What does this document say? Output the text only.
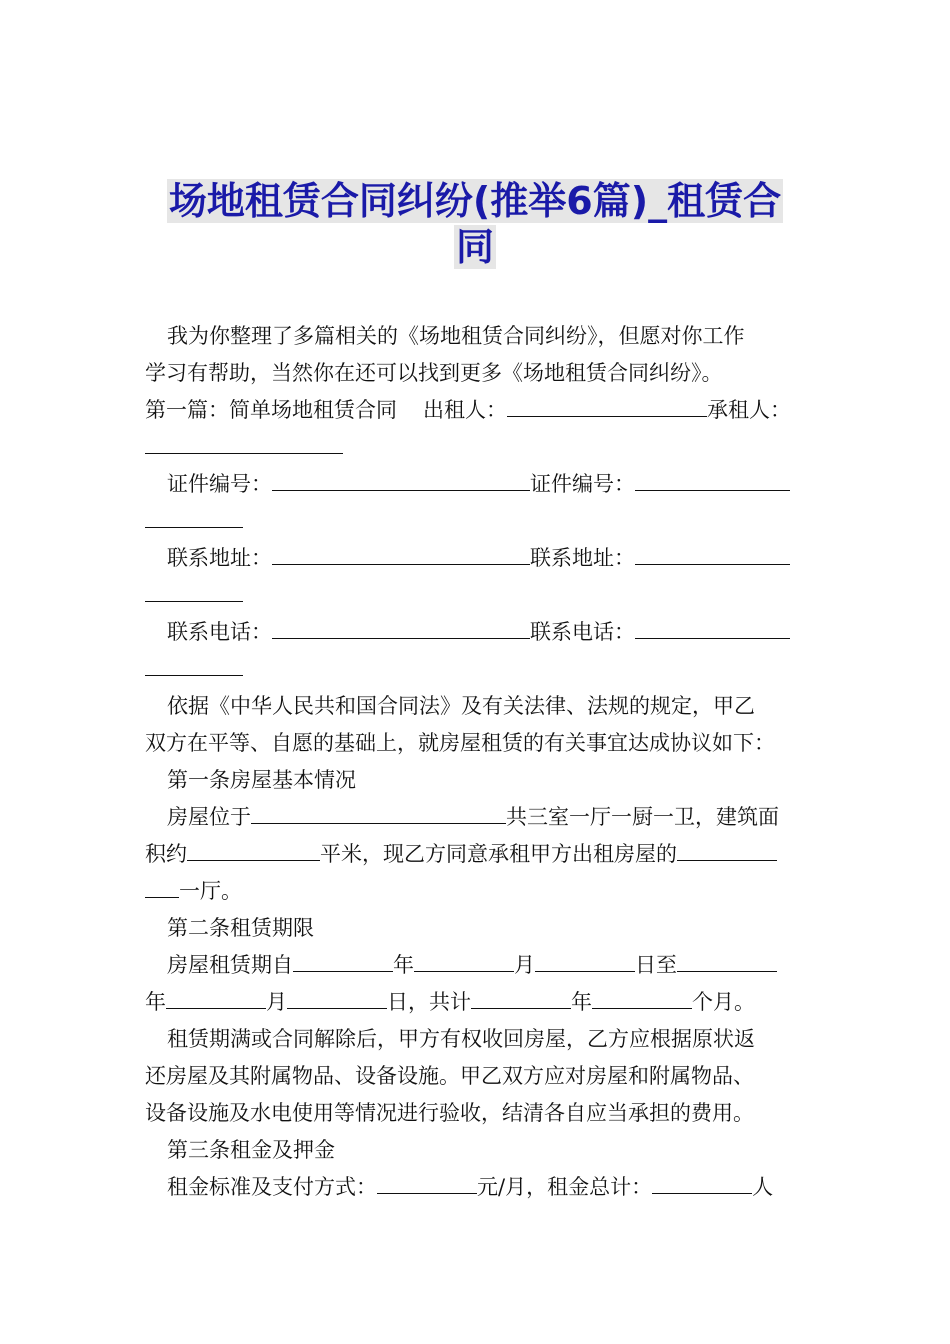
场地租赁合同纠纷(推举6篇)_租赁合
同

我为你整理了多篇相关的《场地租赁合同纠纷》，但愿对你工作

学习有帮助，当然你在还可以找到更多《场地租赁合同纠纷》。

第一篇：简单场地租赁合同 出租人：	承租人：

证件编号：	证件编号：

联系地址：	联系地址：

联系电话：	联系电话：

依据《中华人民共和国合同法》及有关法律、法规的规定，甲乙

双方在平等、自愿的基础上，就房屋租赁的有关事宜达成协议如下：

第一条房屋基本情况

房屋位于	共三室一厅一厨一卫，建筑面

积约	平米，现乙方同意承租甲方出租房屋的

一厅。

第二条租赁期限

房屋租赁期自	年	月	日至

年	月	日，共计	年	个月。

租赁期满或合同解除后，甲方有权收回房屋，乙方应根据原状返

还房屋及其附属物品、设备设施。甲乙双方应对房屋和附属物品、

设备设施及水电使用等情况进行验收，结清各自应当承担的费用。

第三条租金及押金

租金标准及支付方式：	元/月，租金总计：	人
